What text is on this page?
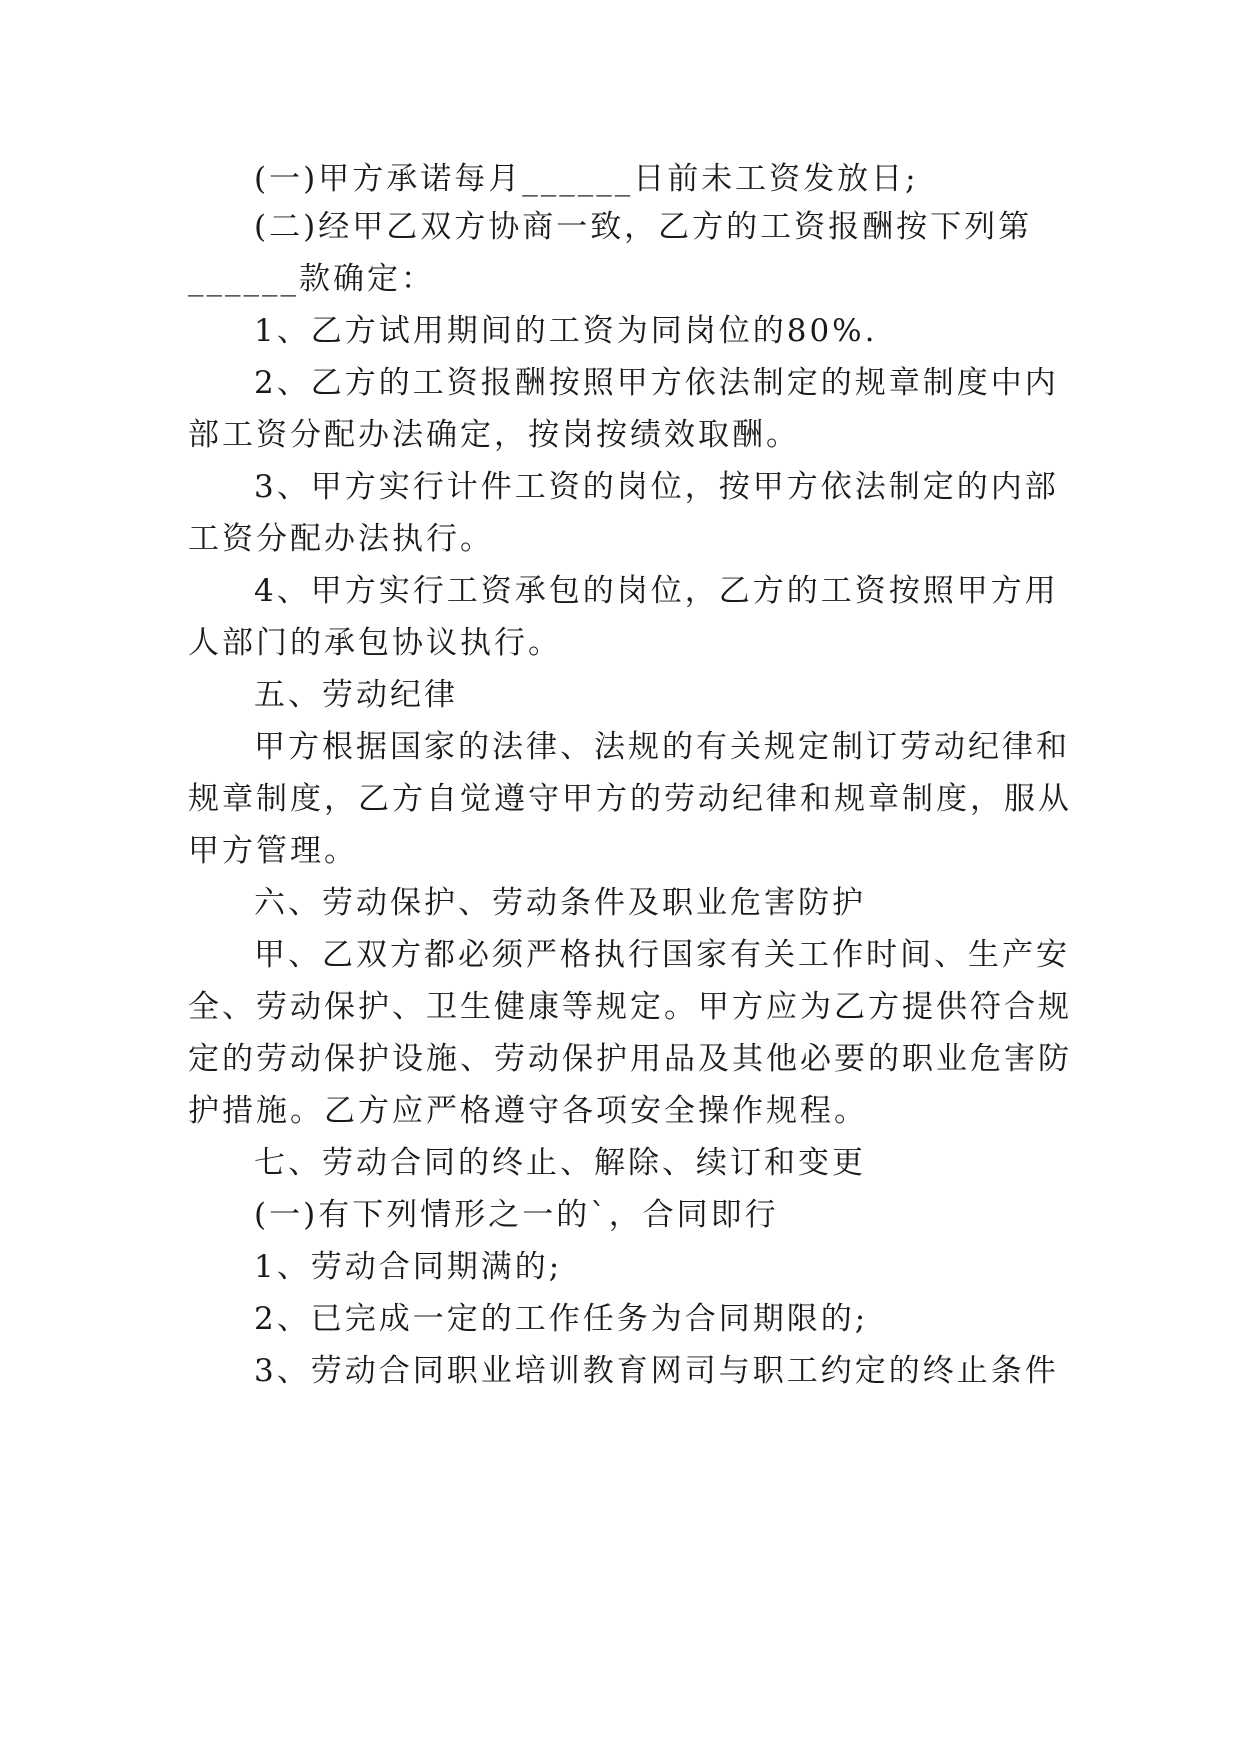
(一)甲方承诺每月______日前未工资发放日;
(二)经甲乙双方协商一致，乙方的工资报酬按下列第
______款确定：
1、乙方试用期间的工资为同岗位的80%.
2、乙方的工资报酬按照甲方依法制定的规章制度中内
部工资分配办法确定，按岗按绩效取酬。
3、甲方实行计件工资的岗位，按甲方依法制定的内部
工资分配办法执行。
4、甲方实行工资承包的岗位，乙方的工资按照甲方用
人部门的承包协议执行。
五、劳动纪律
甲方根据国家的法律、法规的有关规定制订劳动纪律和
规章制度，乙方自觉遵守甲方的劳动纪律和规章制度，服从
甲方管理。
六、劳动保护、劳动条件及职业危害防护
甲、乙双方都必须严格执行国家有关工作时间、生产安
全、劳动保护、卫生健康等规定。甲方应为乙方提供符合规
定的劳动保护设施、劳动保护用品及其他必要的职业危害防
护措施。乙方应严格遵守各项安全操作规程。
七、劳动合同的终止、解除、续订和变更
(一)有下列情形之一的`，合同即行
1、劳动合同期满的;
2、已完成一定的工作任务为合同期限的;
3、劳动合同职业培训教育网司与职工约定的终止条件
